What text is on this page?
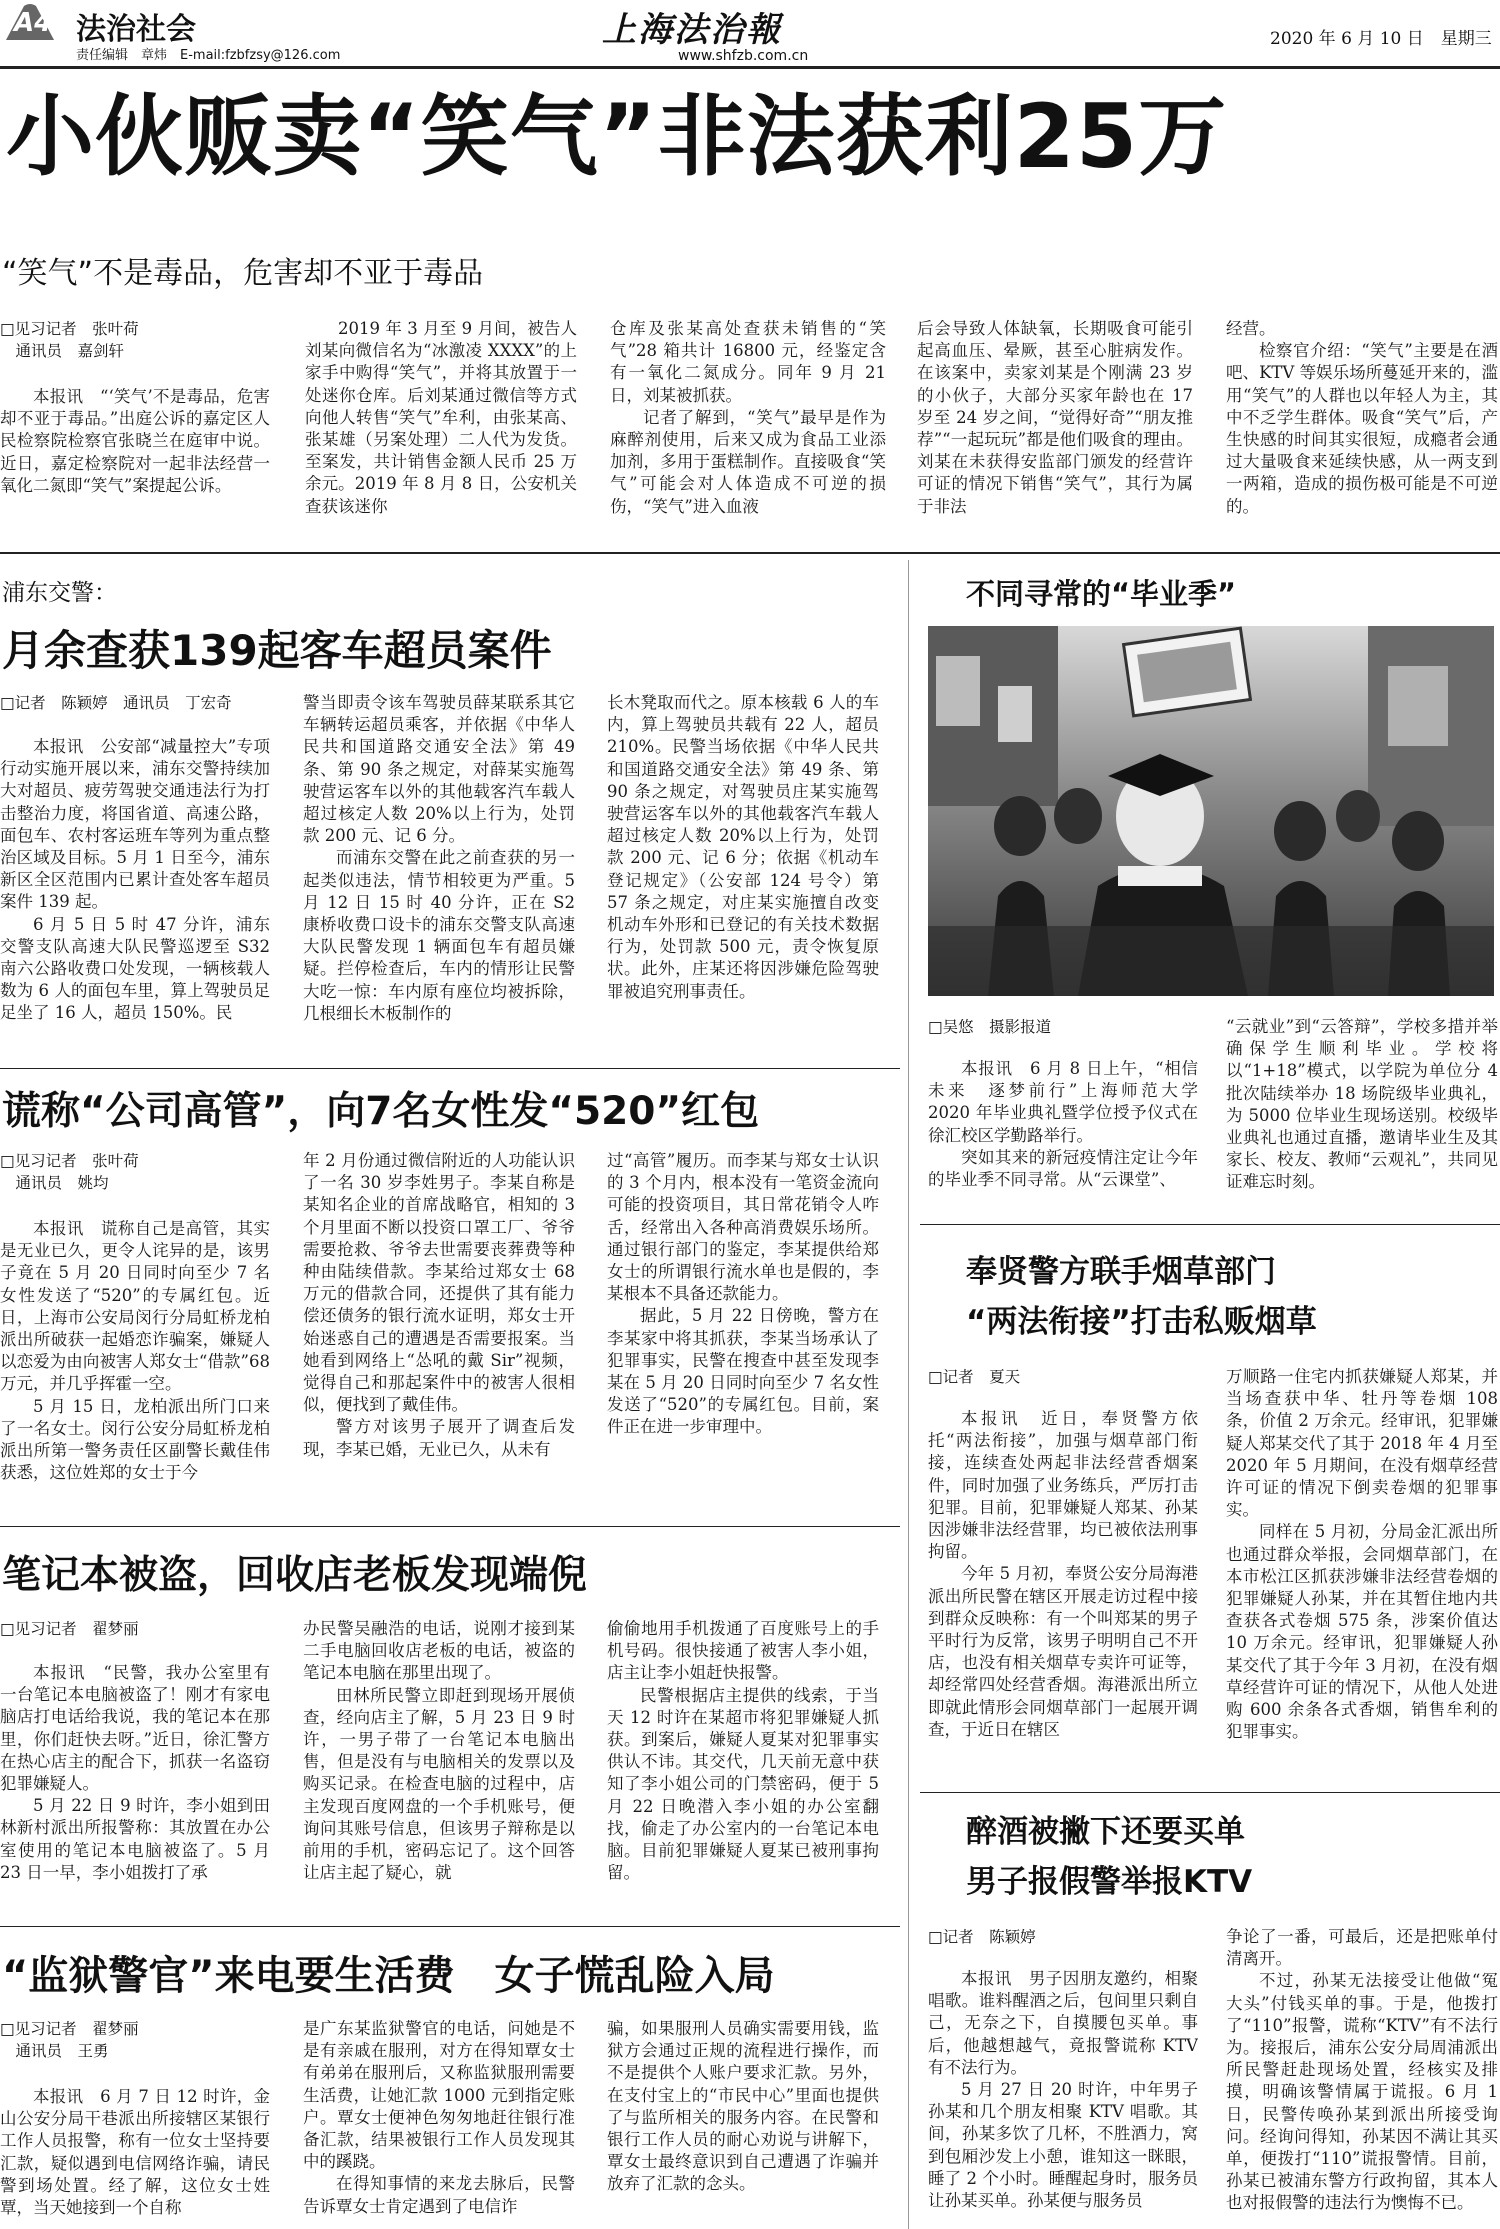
A4 法治社会
责任编辑　章炜　E-mail:fzbfzsy@126.com
上海法治報
www.shfzb.com.cn
2020 年 6 月 10 日　星期三
小伙贩卖“笑气”非法获利25万
“笑气”不是毒品，危害却不亚于毒品
□见习记者　张叶荷
　通讯员　嘉剑轩

本报讯　“‘笑气’不是毒品，危害却不亚于毒品。”出庭公诉的嘉定区人民检察院检察官张晓兰在庭审中说。近日，嘉定检察院对一起非法经营一氧化二氮即“笑气”案提起公诉。

2019 年 3 月至 9 月间，被告人刘某向微信名为“冰激凌 XXXX”的上家手中购得“笑气”，并将其放置于一处迷你仓库。后刘某通过微信等方式向他人转售“笑气”牟利，由张某高、张某雄（另案处理）二人代为发货。至案发，共计销售金额人民币 25 万余元。2019 年 8 月 8 日，公安机关查获该迷你

仓库及张某高处查获未销售的“笑气”28 箱共计 16800 元，经鉴定含有一氧化二氮成分。同年 9 月 21 日，刘某被抓获。

记者了解到，“笑气”最早是作为麻醉剂使用，后来又成为食品工业添加剂，多用于蛋糕制作。直接吸食“笑气”可能会对人体造成不可逆的损伤，“笑气”进入血液

后会导致人体缺氧，长期吸食可能引起高血压、晕厥，甚至心脏病发作。在该案中，卖家刘某是个刚满 23 岁的小伙子，大部分买家年龄也在 17 岁至 24 岁之间，“觉得好奇”“朋友推荐”“一起玩玩”都是他们吸食的理由。刘某在未获得安监部门颁发的经营许可证的情况下销售“笑气”，其行为属于非法

经营。

检察官介绍：“笑气”主要是在酒吧、KTV 等娱乐场所蔓延开来的，滥用“笑气”的人群也以年轻人为主，其中不乏学生群体。吸食“笑气”后，产生快感的时间其实很短，成瘾者会通过大量吸食来延续快感，从一两支到一两箱，造成的损伤极可能是不可逆的。

浦东交警：
月余查获139起客车超员案件
□记者　陈颖婷　通讯员　丁宏奇

本报讯　公安部“减量控大”专项行动实施开展以来，浦东交警持续加大对超员、疲劳驾驶交通违法行为打击整治力度，将国省道、高速公路，面包车、农村客运班车等列为重点整治区域及目标。5 月 1 日至今，浦东新区全区范围内已累计查处客车超员案件 139 起。

6 月 5 日 5 时 47 分许，浦东交警支队高速大队民警巡逻至 S32 南六公路收费口处发现，一辆核载人数为 6 人的面包车里，算上驾驶员足足坐了 16 人，超员 150%。民

警当即责令该车驾驶员薛某联系其它车辆转运超员乘客，并依据《中华人民共和国道路交通安全法》第 49 条、第 90 条之规定，对薛某实施驾驶营运客车以外的其他载客汽车载人超过核定人数 20%以上行为，处罚款 200 元、记 6 分。

而浦东交警在此之前查获的另一起类似违法，情节相较更为严重。5 月 12 日 15 时 40 分许，正在 S2 康桥收费口设卡的浦东交警支队高速大队民警发现 1 辆面包车有超员嫌疑。拦停检查后，车内的情形让民警大吃一惊：车内原有座位均被拆除，几根细长木板制作的

长木凳取而代之。原本核载 6 人的车内，算上驾驶员共载有 22 人，超员 210%。民警当场依据《中华人民共和国道路交通安全法》第 49 条、第 90 条之规定，对驾驶员庄某实施驾驶营运客车以外的其他载客汽车载人超过核定人数 20%以上行为，处罚款 200 元、记 6 分；依据《机动车登记规定》（公安部 124 号令）第 57 条之规定，对庄某实施擅自改变机动车外形和已登记的有关技术数据行为，处罚款 500 元，责令恢复原状。此外，庄某还将因涉嫌危险驾驶罪被追究刑事责任。

谎称“公司高管”，向7名女性发“520”红包
□见习记者　张叶荷
　通讯员　姚均

本报讯　谎称自己是高管，其实是无业已久，更令人诧异的是，该男子竟在 5 月 20 日同时向至少 7 名女性发送了“520”的专属红包。近日，上海市公安局闵行分局虹桥龙柏派出所破获一起婚恋诈骗案，嫌疑人以恋爱为由向被害人郑女士“借款”68 万元，并几乎挥霍一空。

5 月 15 日，龙柏派出所门口来了一名女士。闵行公安分局虹桥龙柏派出所第一警务责任区副警长戴佳伟获悉，这位姓郑的女士于今

年 2 月份通过微信附近的人功能认识了一名 30 岁李姓男子。李某自称是某知名企业的首席战略官，相知的 3 个月里面不断以投资口罩工厂、爷爷需要抢救、爷爷去世需要丧葬费等种种由陆续借款。李某给过郑女士 68 万元的借款合同，还提供了其有能力偿还债务的银行流水证明，郑女士开始迷惑自己的遭遇是否需要报案。当她看到网络上“怂吼的戴 Sir”视频，觉得自己和那起案件中的被害人很相似，便找到了戴佳伟。

警方对该男子展开了调查后发现，李某已婚，无业已久，从未有

过“高管”履历。而李某与郑女士认识的 3 个月内，根本没有一笔资金流向可能的投资项目，其日常花销令人咋舌，经常出入各种高消费娱乐场所。通过银行部门的鉴定，李某提供给郑女士的所谓银行流水单也是假的，李某根本不具备还款能力。

据此，5 月 22 日傍晚，警方在李某家中将其抓获，李某当场承认了犯罪事实，民警在搜查中甚至发现李某在 5 月 20 日同时向至少 7 名女性发送了“520”的专属红包。目前，案件正在进一步审理中。

笔记本被盗，回收店老板发现端倪
□见习记者　翟梦丽

本报讯　“民警，我办公室里有一台笔记本电脑被盗了！刚才有家电脑店打电话给我说，我的笔记本在那里，你们赶快去呀。”近日，徐汇警方在热心店主的配合下，抓获一名盗窃犯罪嫌疑人。

5 月 22 日 9 时许，李小姐到田林新村派出所报警称：其放置在办公室使用的笔记本电脑被盗了。5 月 23 日一早，李小姐拨打了承

办民警吴融浩的电话，说刚才接到某二手电脑回收店老板的电话，被盗的笔记本电脑在那里出现了。

田林所民警立即赶到现场开展侦查，经向店主了解，5 月 23 日 9 时许，一男子带了一台笔记本电脑出售，但是没有与电脑相关的发票以及购买记录。在检查电脑的过程中，店主发现百度网盘的一个手机账号，便询问其账号信息，但该男子辩称是以前用的手机，密码忘记了。这个回答让店主起了疑心，就

偷偷地用手机拨通了百度账号上的手机号码。很快接通了被害人李小姐，店主让李小姐赶快报警。

民警根据店主提供的线索，于当天 12 时许在某超市将犯罪嫌疑人抓获。到案后，嫌疑人夏某对犯罪事实供认不讳。其交代，几天前无意中获知了李小姐公司的门禁密码，便于 5 月 22 日晚潜入李小姐的办公室翻找，偷走了办公室内的一台笔记本电脑。目前犯罪嫌疑人夏某已被刑事拘留。

“监狱警官”来电要生活费　女子慌乱险入局
□见习记者　翟梦丽
　通讯员　王勇

本报讯　6 月 7 日 12 时许，金山公安分局干巷派出所接辖区某银行工作人员报警，称有一位女士坚持要汇款，疑似遇到电信网络诈骗，请民警到场处置。经了解，这位女士姓覃，当天她接到一个自称

是广东某监狱警官的电话，问她是不是有亲戚在服刑，对方在得知覃女士有弟弟在服刑后，又称监狱服刑需要生活费，让她汇款 1000 元到指定账户。覃女士便神色匆匆地赶往银行准备汇款，结果被银行工作人员发现其中的蹊跷。

在得知事情的来龙去脉后，民警告诉覃女士肯定遇到了电信诈

骗，如果服刑人员确实需要用钱，监狱方会通过正规的流程进行操作，而不是提供个人账户要求汇款。另外，在支付宝上的“市民中心”里面也提供了与监所相关的服务内容。在民警和银行工作人员的耐心劝说与讲解下，覃女士最终意识到自己遭遇了诈骗并放弃了汇款的念头。

不同寻常的“毕业季”
□吴悠　摄影报道

本报讯　6 月 8 日上午，“相信未来　逐梦前行”上海师范大学 2020 年毕业典礼暨学位授予仪式在徐汇校区学勤路举行。

突如其来的新冠疫情注定让今年的毕业季不同寻常。从“云课堂”、

“云就业”到“云答辩”，学校多措并举确保学生顺利毕业。学校将以“1+18”模式，以学院为单位分 4 批次陆续举办 18 场院级毕业典礼，为 5000 位毕业生现场送别。校级毕业典礼也通过直播，邀请毕业生及其家长、校友、教师“云观礼”，共同见证难忘时刻。

奉贤警方联手烟草部门
“两法衔接”打击私贩烟草
□记者　夏天

本报讯　近日，奉贤警方依托“两法衔接”，加强与烟草部门衔接，连续查处两起非法经营香烟案件，同时加强了业务练兵，严厉打击犯罪。目前，犯罪嫌疑人郑某、孙某因涉嫌非法经营罪，均已被依法刑事拘留。

今年 5 月初，奉贤公安分局海港派出所民警在辖区开展走访过程中接到群众反映称：有一个叫郑某的男子平时行为反常，该男子明明自己不开店，也没有相关烟草专卖许可证等，却经常四处经营香烟。海港派出所立即就此情形会同烟草部门一起展开调查，于近日在辖区

万顺路一住宅内抓获嫌疑人郑某，并当场查获中华、牡丹等卷烟 108 条，价值 2 万余元。经审讯，犯罪嫌疑人郑某交代了其于 2018 年 4 月至 2020 年 5 月期间，在没有烟草经营许可证的情况下倒卖卷烟的犯罪事实。

同样在 5 月初，分局金汇派出所也通过群众举报，会同烟草部门，在本市松江区抓获涉嫌非法经营卷烟的犯罪嫌疑人孙某，并在其暂住地内共查获各式卷烟 575 条，涉案价值达 10 万余元。经审讯，犯罪嫌疑人孙某交代了其于今年 3 月初，在没有烟草经营许可证的情况下，从他人处进购 600 余条各式香烟，销售牟利的犯罪事实。

醉酒被撇下还要买单
男子报假警举报KTV
□记者　陈颖婷

本报讯　男子因朋友邀约，相聚唱歌。谁料醒酒之后，包间里只剩自己，无奈之下，自摸腰包买单。事后，他越想越气，竟报警谎称 KTV 有不法行为。

5 月 27 日 20 时许，中年男子孙某和几个朋友相聚 KTV 唱歌。其间，孙某多饮了几杯，不胜酒力，窝到包厢沙发上小憩，谁知这一眯眼，睡了 2 个小时。睡醒起身时，服务员让孙某买单。孙某便与服务员

争论了一番，可最后，还是把账单付清离开。

不过，孙某无法接受让他做“冤大头”付钱买单的事。于是，他拨打了“110”报警，谎称“KTV”有不法行为。接报后，浦东公安分局周浦派出所民警赶赴现场处置，经核实及排摸，明确该警情属于谎报。6 月 1 日，民警传唤孙某到派出所接受询问。经询问得知，孙某因不满让其买单，便拨打“110”谎报警情。目前，孙某已被浦东警方行政拘留，其本人也对报假警的违法行为懊悔不已。
